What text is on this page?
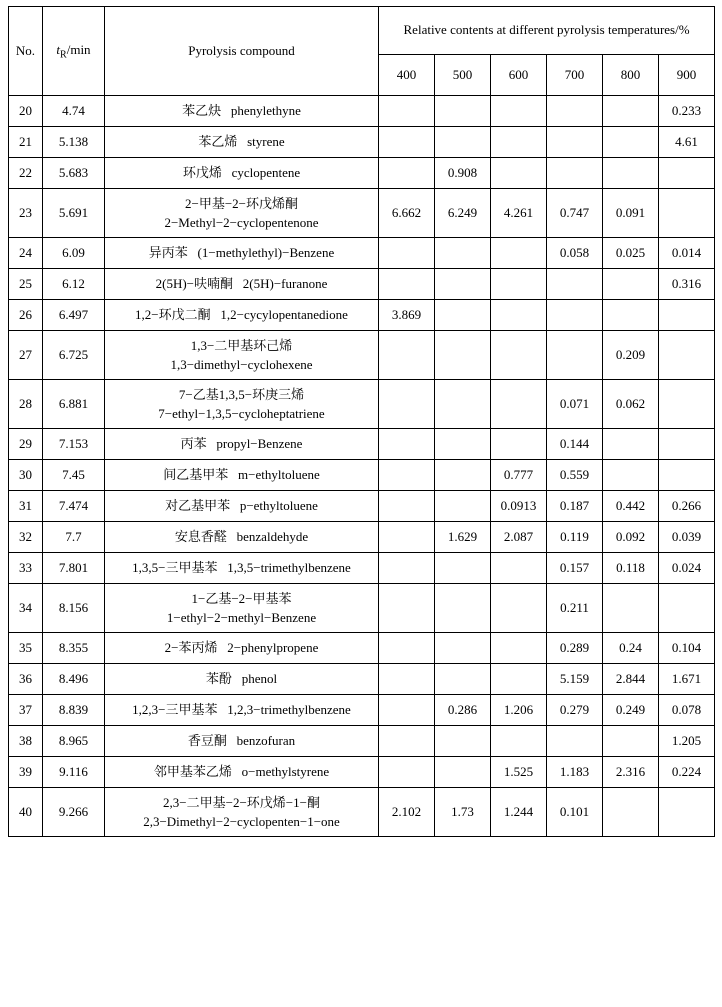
No.	$t_R/\min$	Pyrolysis compound	Relative contents at different pyrolysis temperatures/%					
			400	500	600	700	800	900
20	4.74	苯乙炔 phenylethyne						0.233
21	5.138	苯乙烯 styrene						4.61
22	5.683	环戊烯 cyclopentene		0.908				
23	5.691	2−甲基−2−环戊烯酮
2−Methyl−2−cyclopentenone	6.662	6.249	4.261	0.747	0.091	
24	6.09	异丙苯 (1−methylethyl)−Benzene				0.058	0.025	0.014
25	6.12	2(5H)−呋喃酮 2(5H)−furanone						0.316
26	6.497	1,2−环戊二酮 1,2−cycylopentanedione	3.869					
27	6.725	1,3−二甲基环己烯
1,3−dimethyl−cyclohexene					0.209	
28	6.881	7−乙基1,3,5−环庚三烯
7−ethyl−1,3,5−cycloheptatriene				0.071	0.062	
29	7.153	丙苯 propyl−Benzene				0.144		
30	7.45	间乙基甲苯 m−ethyltoluene			0.777	0.559		
31	7.474	对乙基甲苯 p−ethyltoluene			0.0913	0.187	0.442	0.266
32	7.7	安息香醛 benzaldehyde		1.629	2.087	0.119	0.092	0.039
33	7.801	1,3,5−三甲基苯 1,3,5−trimethylbenzene				0.157	0.118	0.024
34	8.156	1−乙基−2−甲基苯
1−ethyl−2−methyl−Benzene				0.211		
35	8.355	2−苯丙烯 2−phenylpropene				0.289	0.24	0.104
36	8.496	苯酚 phenol				5.159	2.844	1.671
37	8.839	1,2,3−三甲基苯 1,2,3−trimethylbenzene		0.286	1.206	0.279	0.249	0.078
38	8.965	香豆酮 benzofuran						1.205
39	9.116	邻甲基苯乙烯 o−methylstyrene			1.525	1.183	2.316	0.224
40	9.266	2,3−二甲基−2−环戊烯−1−酮
2,3−Dimethyl−2−cyclopenten−1−one	2.102	1.73	1.244	0.101		
